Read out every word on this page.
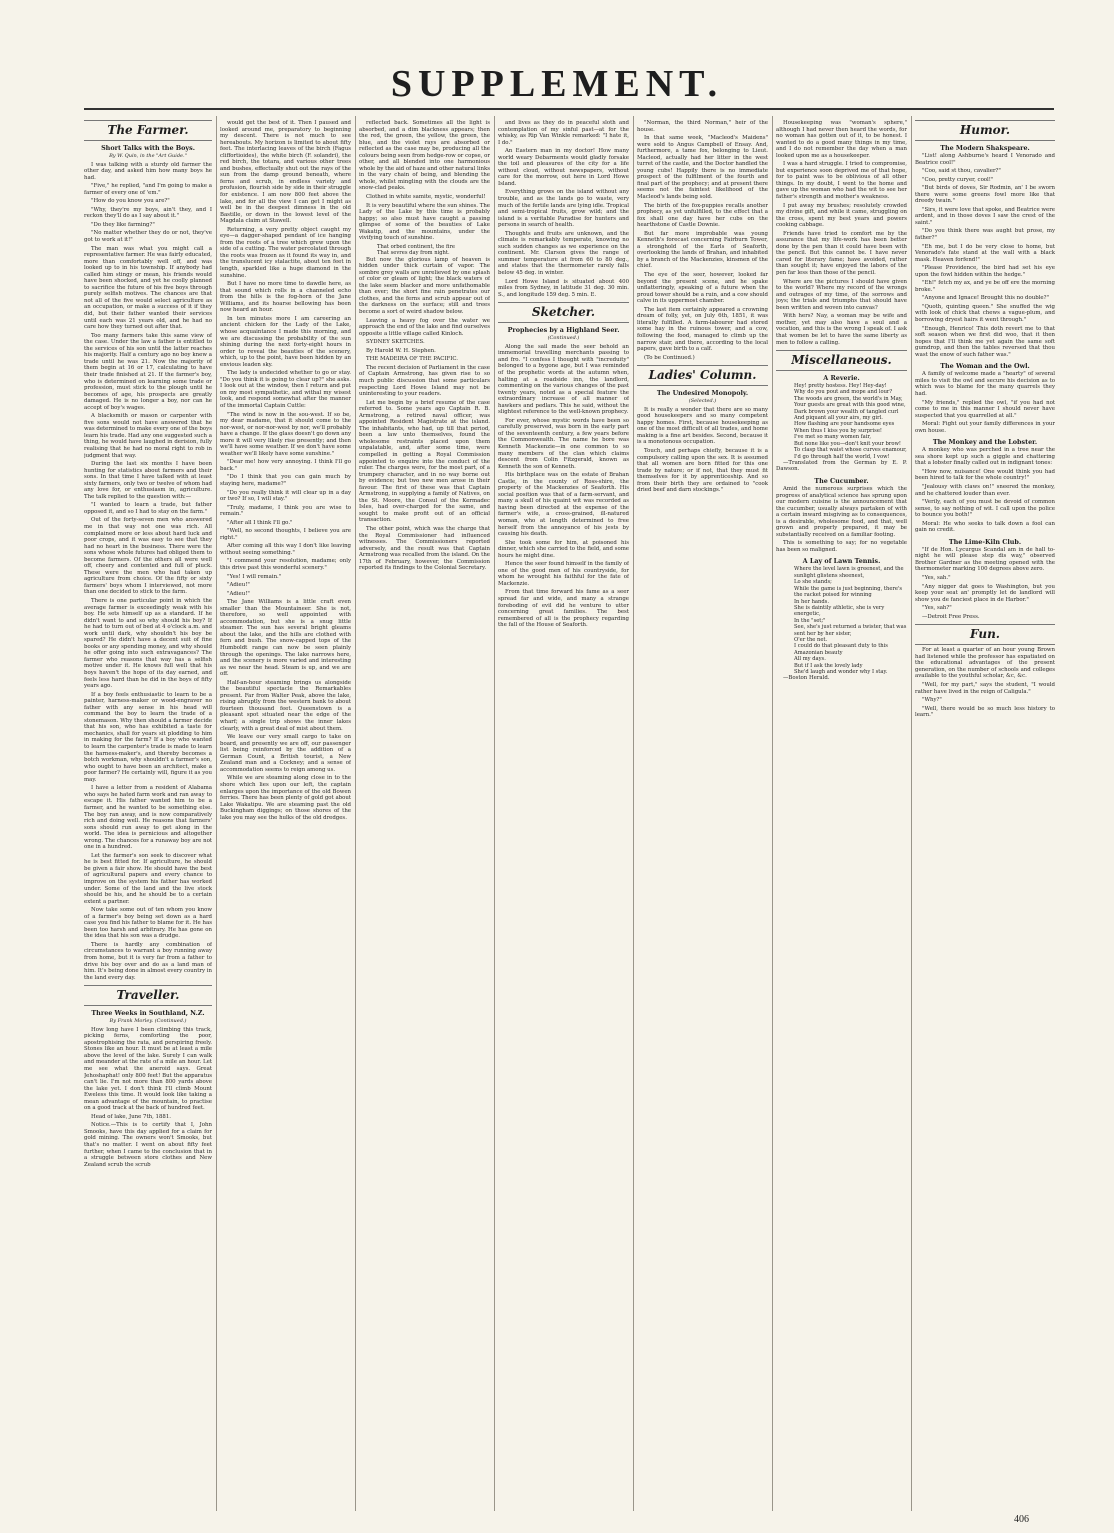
SUPPLEMENT.
The Farmer.
Short Talks with the Boys.
By W. Quin, in the "Art Guide."

I was talking with a sturdy old farmer the other day, and asked him how many boys he had.

"Five," he replied, "and I'm going to make a farmer of every one of 'em."

"How do you know you are?"

"Why, they're my boys, ain't they, and I reckon they'll do as I say about it."

"Do they like farming?"

"No matter whether they do or not, they've got to work at it!"

The man was what you might call a representative farmer. He was fairly educated, more than comfortably well off, and was looked up to in his township. If anybody had called him stingy or mean, his friends would have been shocked, and yet he coolly planned to sacrifice the future of his five boys through purely selfish motives. The chances are that not all of the five would select agriculture as an occupation, or make a success of it if they did, but their father wanted their services until each was 21 years old, and he had no care how they turned out after that.

Too many farmers take this same view of the case. Under the law a father is entitled to the services of his son until the latter reaches his majority. Half a century ago no boy knew a trade until he was 21. Now the majority of them begin at 16 or 17, calculating to have their trade finished at 21. If the farmer's boy, who is determined on learning some trade or profession, must stick to the plough until he becomes of age, his prospects are greatly damaged. He is no longer a boy, nor can he accept of boy's wages.

A blacksmith or mason or carpenter with five sons would not have answered that he was determined to make every one of the boys learn his trade. Had any one suggested such a thing, he would have laughed in derision, fully realising that he had no moral right to rob in judgment that way.

During the last six months I have been hunting for statistics about farmers and their sons. In that time I have talked with at least sixty farmers, only two or twelve of whom had any love for, or enthusiasm in, agriculture. The talk replied to the question with:—

"I wanted to learn a trade, but father opposed it, and so I had to stay on the farm."

Out of the forty-seven men who answered me in that way not one was rich. All complained more or less about hard luck and poor crops, and it was easy to see that they had no heart in the business. There were the sons whose whole futures had obliged them to become farmers. Of the others all were well off, cheery and contented and full of pluck. These were the men who had taken up agriculture from choice. Of the fifty or sixty farmers' boys whom I interviewed, not more than one decided to stick to the farm.

There is one particular point in which the average farmer is exceedingly weak with his boy. He sets himself up as a standard. If he didn't want to and so why should his boy? If he had to turn out of bed at 4 o'clock a.m. and work until dark, why shouldn't his boy be spared? He didn't have a decent suit of fine books or any spending money, and why should he offer going into such extravagances? The farmer who reasons that way has a selfish motive under it. He knows full well that his boys haven't the hope of its day earned, and feels less hard than he did in the boys of fifty years ago.

If a boy feels enthusiastic to learn to be a painter, harness-maker or wood-engraver no father with any sense in his head will command the boy to learn the trade of a stonemason. Why then should a farmer decide that his son, who has exhibited a taste for mechanics, shall for years sit plodding to him in making for the farm? If a boy who wanted to learn the carpenter's trade is made to learn the harness-maker's, and thereby becomes a botch workman, why shouldn't a farmer's son, who ought to have been an architect, make a poor farmer? He certainly will, figure it as you may.

I have a letter from a resident of Alabama who says he hated farm work and ran away to escape it. His father wanted him to be a farmer, and he wanted to be something else. The boy ran away, and is now comparatively rich and doing well. He reasons that farmers' sons should run away to get along in the world. The idea is pernicious and altogether wrong. The chances for a runaway boy are not one in a hundred.

Let the farmer's son seek to discover what he is best fitted for. If agriculture, he should be given a fair show. He should have the best of agricultural papers and every chance to improve on the system his father has worked under. Some of the land and the live stock should be his, and he should be to a certain extent a partner.

Now take some out of ten whom you know of a farmer's boy being set down as a hard case you find his father to blame for it. He has been too harsh and arbitrary. He has gone on the idea that his son was a drudge.

There is hardly any combination of circumstances to warrant a boy running away from home, but it is very far from a father to drive his boy over and do as a land man of him. It's being done in almost every country in the land every day.

Traveller.
Three Weeks in Southland, N.Z.
By Frank Morley. (Continued.)

How long have I been climbing this track, picking ferns, comforting the poor, apostrophising the rata, and perspiring freely. Stones like an hour. It must be at least a mile above the level of the lake. Surely I can walk and meander at the rate of a mile an hour. Let me see what the aneroid says. Great Jehoshaphat! only 800 feet! But the apparatus can't lie. I'm not more than 800 yards above the lake yet. I don't think I'll climb Mount Eweless this time. It would look like taking a mean advantage of the mountain, to practise on a good track at the back of hundred feet.

Head of lake, June 7th, 1881.

Notice.—This is to certify that I, John Smooks, have this day applied for a claim for gold mining. The owners won't Smooks, but that's no matter. I went on about fifty feet further, when I came to the conclusion that in a struggle between store clothes and New Zealand scrub the scrub

would get the best of it. Then I paused and looked around me, preparatory to beginning my descent. There is not much to see hereabouts. My horizon is limited to about fifty feet. The interlacing leaves of the birch (Fagus cliffortioides), the white birch (F. solandri), the red birch, the totara, and various other trees and bushes, effectually shut out the rays of the sun from the damp ground beneath, where ferns and scrub, in endless variety and profusion, flourish side by side in their struggle for existence. I am now 800 feet above the lake, and for all the view I can get I might as well be in the deepest dimness in the old Bastille, or down in the lowest level of the Magdala claim at Stawell.

Returning, a very pretty object caught my eye—a dagger-shaped pendant of ice hanging from the roots of a tree which grew upon the side of a cutting. The water percolated through the roots was frozen as it found its way in, and the translucent icy stalactite, about ten feet in length, sparkled like a huge diamond in the sunshine.

But I have no more time to dawdle here, as that sound which rolls in a channeled echo from the hills is the fog-horn of the Jane Williams, and its hoarse bellowing has been now heard an hour.

In ten minutes more I am careering an ancient chicken for the Lady of the Lake, whose acquaintance I made this morning, and we are discussing the probability of the sun shining during the next forty-eight hours in order to reveal the beauties of the scenery, which, up to the point, have been hidden by an envious leaden sky.

The lady is undecided whether to go or stay. "Do you think it is going to clear up?" she asks. I look out at the window, then I return and put on my most sympathetic, and withal my wisest look, and respond somewhat after the manner of the immortal Captain Cuttle:

"The wind is now in the sou-west. If so be, my dear madame, that it should come to the nor-west, or nor-nor-west by nor, we'll probably have a change. If the glass doesn't go down any more it will very likely rise presently; and then we'll have some weather. If we don't have some weather we'll likely have some sunshine."

"Dear me! how very annoying. I think I'll go back."

"Do I think that you can gain much by staying here, madame?"

"Do you really think it will clear up in a day or two? If so, I will stay."

"Truly, madame, I think you are wise to remain."

"After all I think I'll go."

"Well, no second thoughts, I believe you are right."

After coming all this way I don't like leaving without seeing something."

"I commend your resolution, madame; only this drive past this wonderful scenery."

"Yes! I will remain."

"Adieu!"

"Adieu!"

The Jane Williams is a little craft even smaller than the Mountaineer. She is not, therefore, so well appointed with accommodation, but she is a snug little steamer. The sun has several bright gleams about the lake, and the hills are clothed with fern and bush. The snow-capped tops of the Humboldt range can now be seen plainly through the openings. The lake narrows here, and the scenery is more varied and interesting as we near the head. Steam is up, and we are off.

Half-an-hour steaming brings us alongside the beautiful spectacle the Remarkables present. Far from Walter Peak, above the lake, rising abruptly from the western bank to about fourteen thousand feet. Queenstown is a pleasant spot situated near the edge of the wharf; a single trip shows the inner lakes clearly, with a great deal of mist about them.

We leave our very small cargo to take on board, and presently we are off, our passenger list being reinforced by the addition of a German Count, a British tourist, a New Zealand man and a Cockney; and a sense of accommodation seems to reign among us.

While we are steaming along close in to the shore which lies upon our left, the captain enlarges upon the importance of the old Bowen ferries. There has been plenty of gold got about Lake Wakatipu. We are steaming past the old Buckingham diggings; on those shores of the lake you may see the hulks of the old dredges.

reflected back. Sometimes all the light is absorbed, and a dim blackness appears; then the red, the green, the yellow, the green, the blue, and the violet rays are absorbed or reflected as the case may be, producing all the colours being seen from hedge-row or copse, or other, and all blended into one harmonious whole by the aid of haze and other natural links in the vary chain of being, and blending the whole, whilst mingling with the clouds are the snow-clad peaks.

Clothed in white samite, mystic, wonderful!

It is very beautiful where the sun shines. The Lady of the Lake by this time is probably happy; so also must have caught a passing glimpse of some of the beauties of Lake Wakatip, and the mountains, under the vivifying touch of sunshine.

That orbed continent, the fire
That sevres day from night.

But now the glorious lamp of heaven is hidden under thick curtain of vapor. The sombre grey walls are unrelieved by one splash of color or gleam of light; the black waters of the lake seem blacker and more unfathomable than ever; the short fine rain penetrates our clothes, and the ferns and scrub appear out of the darkness on the surface; still and trees become a sort of weird shadow below.

Leaving a heavy fog over the water we approach the end of the lake and find ourselves opposite a little village called Kinloch.

SYDNEY SKETCHES.

By Harold W. H. Stephen.

THE MADEIRA OF THE PACIFIC.

The recent decision of Parliament in the case of Captain Armstrong, has given rise to so much public discussion that some particulars respecting Lord Howe Island may not be uninteresting to your readers.

Let me begin by a brief resume of the case referred to. Some years ago Captain R. B. Armstrong, a retired naval officer, was appointed Resident Magistrate at the island. The inhabitants, who had, up till that period, been a law unto themselves, found the wholesome restraints placed upon them unpalatable, and, after some time, were compelled in getting a Royal Commission appointed to enquire into the conduct of the ruler. The charges were, for the most part, of a trumpery character, and in no way borne out by evidence; but two new men arose in their favour. The first of these was that Captain Armstrong, in supplying a family of Natives, on the St. Moore, the Consul of the Kermadec Isles, had over-charged for the same, and sought to make profit out of an official transaction.

The other point, which was the charge that the Royal Commissioner had influenced witnesses. The Commissioners reported adversely, and the result was that Captain Armstrong was recalled from the island. On the 17th of February, however, the Commission reported its findings to the Colonial Secretary.

and lives as they do in peaceful sloth and contemplation of my sinful past—at for the whisky, as Rip Van Winkle remarked: "I hate it, I do."

An Eastern man in my doctor! How many world weary Debarments would gladly forsake the toil and pleasures of the city for a life without cloud, without newspapers, without care for the morrow, out here in Lord Howe Island.

Everything grows on the island without any trouble, and as the lands go to waste, very much of the fertile lands are lying idle. Tropical and semi-tropical fruits, grow wild; and the island is a veritable Paradise for hunters and persons in search of health.

Thoughts and fruits are unknown, and the climate is remarkably temperate, knowing no such sudden changes as we experience on the continent. Mr. Clarson gives the range of summer temperature at from 60 to 80 deg., and states that the thermometer rarely falls below 45 deg. in winter.

Lord Howe Island is situated about 400 miles from Sydney, in latitude 31 deg. 30 min. S., and longitude 159 deg. 5 min. E.

Sketcher.
Prophecies by a Highland Seer.
(Continued.)

Along the sail made the seer behold an immemorial travelling merchants passing to and fro. "I confess I thought with "increduity" belonged to a bygone age, but I was reminded of the prophetic words at the autumn when, halting at a roadside inn, the landlord, commenting on the various changes of the past twenty years, noted as a special feature the extraordinary increase of all manner of hawkers and pedlars. This he said, without the slightest reference to the well-known prophecy.

For ever, whose mystic words have been so carefully preserved, was born in the early part of the seventeenth century, a few years before the Commonwealth. The name he bore was Kenneth Mackenzie—in one common to so many members of the clan which claims descent from Colin Fitzgerald, known as Kenneth the son of Kenneth.

His birthplace was on the estate of Brahan Castle, in the county of Ross-shire, the property of the Mackenzies of Seaforth. His social position was that of a farm-servant, and many a skull of his quaint wit was recorded as having been directed at the expense of the farmer's wife, a cross-grained, ill-natured woman, who at length determined to free herself from the annoyance of his jests by causing his death.

She took some for him, at poisoned his dinner, which she carried to the field, and some hours he might dine.

Hence the seer found himself in the family of one of the good men of his countryside, for whom he wrought his faithful for the fate of Mackenzie.

From that time forward his fame as a seer spread far and wide, and many a strange foreboding of evil did he venture to utter concerning great families. The best remembered of all is the prophecy regarding the fall of the House of Seaforth.

"Norman, the third Norman," heir of the house.

In that same week, "Macleod's Maidens" were sold to Angus Campbell of Ensay. And, furthermore, a tame fox, belonging to Lieut. Macleod, actually had her litter in the west turret of the castle, and the Doctor handled the young cubs! Happily there is no immediate prospect of the fulfilment of the fourth and final part of the prophecy; and at present there seems not the faintest likelihood of the Macleod's lands being sold.

The birth of the fox-puppies recalls another prophecy, as yet unfulfilled, to the effect that a fox shall one day have her cubs on the hearthstone of Castle Downie.

But far more improbable was young Kenneth's forecast concerning Fairburn Tower, a stronghold of the Earls of Seaforth, overlooking the lands of Brahan, and inhabited by a branch of the Mackenzies, kinsmen of the chief.

The eye of the seer, however, looked far beyond the present scene, and he spake unflatteringly, speaking of a future when the proud tower should be a ruin, and a cow should calve in its uppermost chamber.

The last item certainly appeared a crowning dream of folly, yet, on July 6th, 1851, it was literally fulfilled. A farm-labourer had stored some hay in the ruinous tower, and a cow, following the food, managed to climb up the narrow stair, and there, according to the local papers, gave birth to a calf.

(To be Continued.)

Ladies' Column.
The Undesired Monopoly.
(Selected.)

It is really a wonder that there are so many good housekeepers and so many competent happy homes. First, because housekeeping as one of the most difficult of all trades, and home making is a fine art besides. Second, because it is a monotonous occupation.

Touch, and perhaps chiefly, because it is a compulsory calling upon the sex. It is assumed that all women are born fitted for this one trade by nature; or if not, that they must fit themselves for it by apprenticeship. And so from their birth they are ordained to "cook dried beef and darn stockings."

Housekeeping was "woman's sphere," although I had never then heard the words, for no woman has gotten out of it, to be honest. I wanted to do a good many things in my time, and I do not remember the day when a man looked upon me as a housekeeper.

I was a hard struggle. I tried to compromise, but experience soon deprived me of that hope, for to paint was to be oblivious of all other things. In my doubt, I went to the home and gave up the woman who had the wit to see her father's strength and mother's weakness.

I put away my brushes; resolutely crowded my divine gift, and while it came, struggling on the cross, spent my best years and powers cooking cabbage.

Friends have tried to comfort me by the assurance that my life-work has been better done by the pen than it could have been with the pencil. But this cannot be. I have never cared for literary fame; have avoided, rather than sought it; have enjoyed the labors of the pen far less than those of the pencil.

Where are the pictures I should have given to the world? Where my record of the wrongs and outrages of my time, of the sorrows and joys; the trials and triumphs that should have been written and woven into canvas?

With hers? Nay, a woman may be wife and mother, yet may also have a soul and a vocation, and this is the wrong I speak of. I ask that women be let to have the same liberty as men to follow a calling.

Miscellaneous.
A Reverie.

Hey! pretty hostess. Hey! Hey-day!
Why do you pout and mope and lour?
The woods are green, the world's in May,
Your guests are great with this good wine,
Dark brown your wealth of tangled curl
And piquant all your airs, my girl.

How flashing are your handsome eyes
When thus I kiss you by surprise!

I've met so many women fair,
But none like you—don't knit your brow!
To clasp that waist whose curves enamour,
I'd go through half the world, I vow!

—Translated from the German by E. P. Dawson.

The Cucumber.

Amid the numerous surprises which the progress of analytical science has sprung upon our modern cuisine is the announcement that the cucumber, usually always partaken of with a certain inward misgiving as to consequences, is a desirable, wholesome food, and that, well grown and properly prepared, it may be substantially received on a familiar footing.

This is something to say; for no vegetable has been so maligned.

A Lay of Lawn Tennis.

Where the level lawn is greenest, and the sunlight glistens sheenest,
Lo she stands;
While the game is just beginning, there's the racket poised for winning
In her hands.

She is daintily athletic, she is very energetic,
In the "set;"
See, she's just returned a twister, that was sent her by her sister,
O'er the net.

I could do that pleasant duty to this Amazonian beauty
All my days.

But if I ask the lovely lady
She'd laugh and wonder why I stay.

—Boston Herald.

Humor.
The Modern Shakspeare.

"List! along Ashburne's heard I Venorado and Beatrice cool!"

"Coo, said st thou, cavalier?"

"Coo, pretty curyer, cool!"

"But birds of doves, Sir Rodmin, an' I be sworn there were some greens fowl more like that dreedy twain."

"Sirs, it were love that spoke, and Beatrice were ardent, and in those doves I saw the crest of the saint."

"Do you think there was aught but prose, my father?"

"Eh me, but I do be very close to home, but Venorado's fate stand at the wall with a black mask. Heaven forfend!"

"Please Providence, the bird had set his eye upon the fowl hidden within the hedge."

"Eh!" fetch my ax, and ye be off ere the morning broke."

"Anyone and Ignace! Brought this no double?"

"Quoth, quinting queen." She snuffed the wig with look of chick that chews a vague-plum, and borrowing dryest hairs it went through."

"Enough, Henrico! This doth revert me to that soft season when we first did woo, that it then hopes that I'll think me yet again the same soft gumdrop, and then the tables reversed that thou wast the enow of such father was."

The Woman and the Owl.

A family of welcome made a "hearty" of several miles to visit the owl and secure his decision as to which was to blame for the many quarrels they had.

"My friends," replied the owl, "if you had not come to me in this manner I should never have suspected that you quarrelled at all."

Moral: Fight out your family differences in your own house.

The Monkey and the Lobster.

A monkey who was perched in a tree near the sea shore kept up such a giggle and chattering that a lobster finally called out in indignant tones:

"How now, nuisance! One would think you had been hired to talk for the whole country!"

"Jealousy with claws on!" sneered the monkey, and he chattered louder than ever.

"Verily, each of you must be devoid of common sense, to say nothing of wit. I call upon the police to bounce you both!"

Moral: He who seeks to talk down a fool can gain no credit.

The Lime-Kiln Club.

"If de Hon. Lycurgus Scandal am in de hall to-night he will please step dis way," observed Brother Gardner as the meeting opened with the thermometer marking 100 degrees above zero.

"Yes, sah."

"Any nigger dat goes to Washington, but you keep your seat an' promptly let de landlord will show you de fanciest place in de Harbor."

"Yes, sah?"

—Detroit Free Press.

Fun.

For at least a quarter of an hour young Brown had listened while the professor has expatiated on the educational advantages of the present generation, on the number of schools and colleges available to the youthful scholar, &c, &c.

"Well, for my part," says the student, "I would rather have lived in the reign of Caligula."

"Why?"

"Well, there would be so much less history to learn."

406
